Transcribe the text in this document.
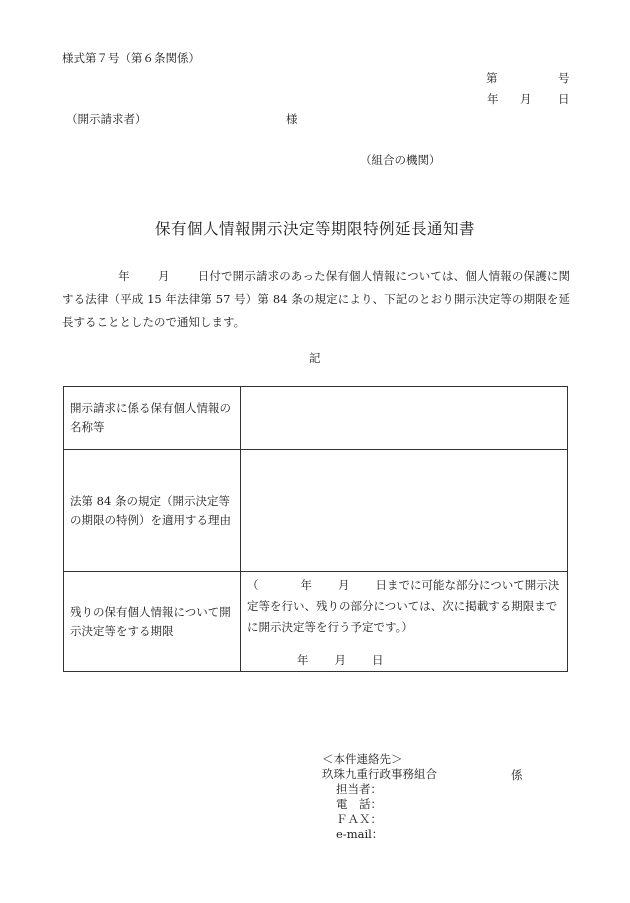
様式第７号（第６条関係）
第	号
年 月 日
（開示請求者）	様
（組合の機関）
保有個人情報開示決定等期限特例延長通知書
年 月 日付で開示請求のあった保有個人情報については、個人情報の保護に関する法律（平成 15 年法律第 57 号）第 84 条の規定により、下記のとおり開示決定等の期限を延長することとしたので通知します。
記
開示請求に係る保有個人情報の名称等	
法第 84 条の規定（開示決定等の期限の特例）を適用する理由	
残りの保有個人情報について開示決定等をする期限	（ 年 月 日までに可能な部分について開示決定等を行い、残りの部分については、次に掲載する期限までに開示決定等を行う予定です。）
年 月 日
＜本件連絡先＞
玖珠九重行政事務組合
担当者：
電　話：
ＦＡＸ：
e-mail：
係
